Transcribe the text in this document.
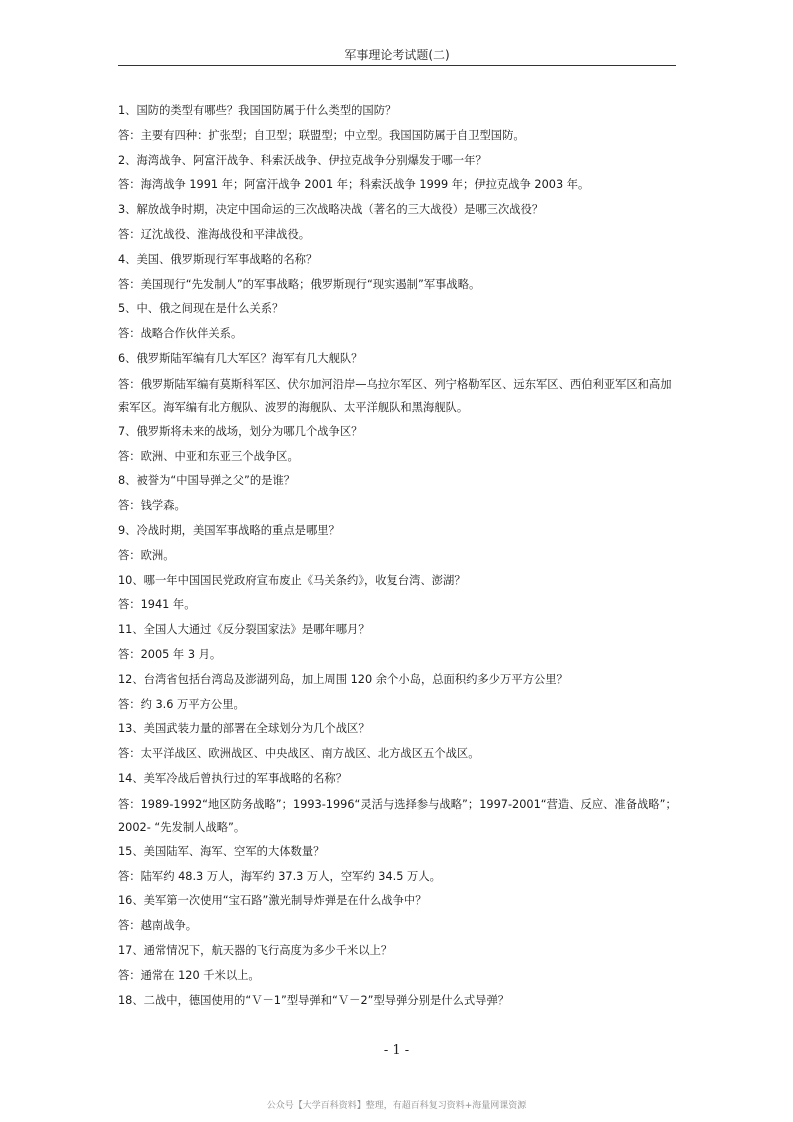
军事理论考试题(二)

1、国防的类型有哪些？我国国防属于什么类型的国防？

答：主要有四种：扩张型；自卫型；联盟型；中立型。我国国防属于自卫型国防。

2、海湾战争、阿富汗战争、科索沃战争、伊拉克战争分别爆发于哪一年？

答：海湾战争 1991 年；阿富汗战争 2001 年；科索沃战争 1999 年；伊拉克战争 2003 年。

3、解放战争时期，决定中国命运的三次战略决战（著名的三大战役）是哪三次战役？

答：辽沈战役、淮海战役和平津战役。

4、美国、俄罗斯现行军事战略的名称？

答：美国现行“先发制人”的军事战略；俄罗斯现行“现实遏制”军事战略。

5、中、俄之间现在是什么关系？

答：战略合作伙伴关系。

6、俄罗斯陆军编有几大军区？海军有几大舰队？

答：俄罗斯陆军编有莫斯科军区、伏尔加河沿岸—乌拉尔军区、列宁格勒军区、远东军区、西伯利亚军区和高加索军区。海军编有北方舰队、波罗的海舰队、太平洋舰队和黑海舰队。

7、俄罗斯将未来的战场，划分为哪几个战争区？

答：欧洲、中亚和东亚三个战争区。

8、被誉为“中国导弹之父”的是谁？

答：钱学森。

9、冷战时期，美国军事战略的重点是哪里？

答：欧洲。

10、哪一年中国国民党政府宣布废止《马关条约》，收复台湾、澎湖？

答：1941 年。

11、全国人大通过《反分裂国家法》是哪年哪月？

答：2005 年 3 月。

12、台湾省包括台湾岛及澎湖列岛，加上周围 120 余个小岛，总面积约多少万平方公里？

答：约 3.6 万平方公里。

13、美国武装力量的部署在全球划分为几个战区？

答：太平洋战区、欧洲战区、中央战区、南方战区、北方战区五个战区。

14、美军冷战后曾执行过的军事战略的名称？

答：1989-1992“地区防务战略”；1993-1996“灵活与选择参与战略”；1997-2001“营造、反应、准备战略”；2002- “先发制人战略”。

15、美国陆军、海军、空军的大体数量？

答：陆军约 48.3 万人，海军约 37.3 万人，空军约 34.5 万人。

16、美军第一次使用“宝石路”激光制导炸弹是在什么战争中？

答：越南战争。

17、通常情况下，航天器的飞行高度为多少千米以上？

答：通常在 120 千米以上。

18、二战中，德国使用的“Ｖ－1”型导弹和“Ｖ－2”型导弹分别是什么式导弹？

- 1 -
公众号【大学百科资料】整理，有超百科复习资料+海量网课资源
